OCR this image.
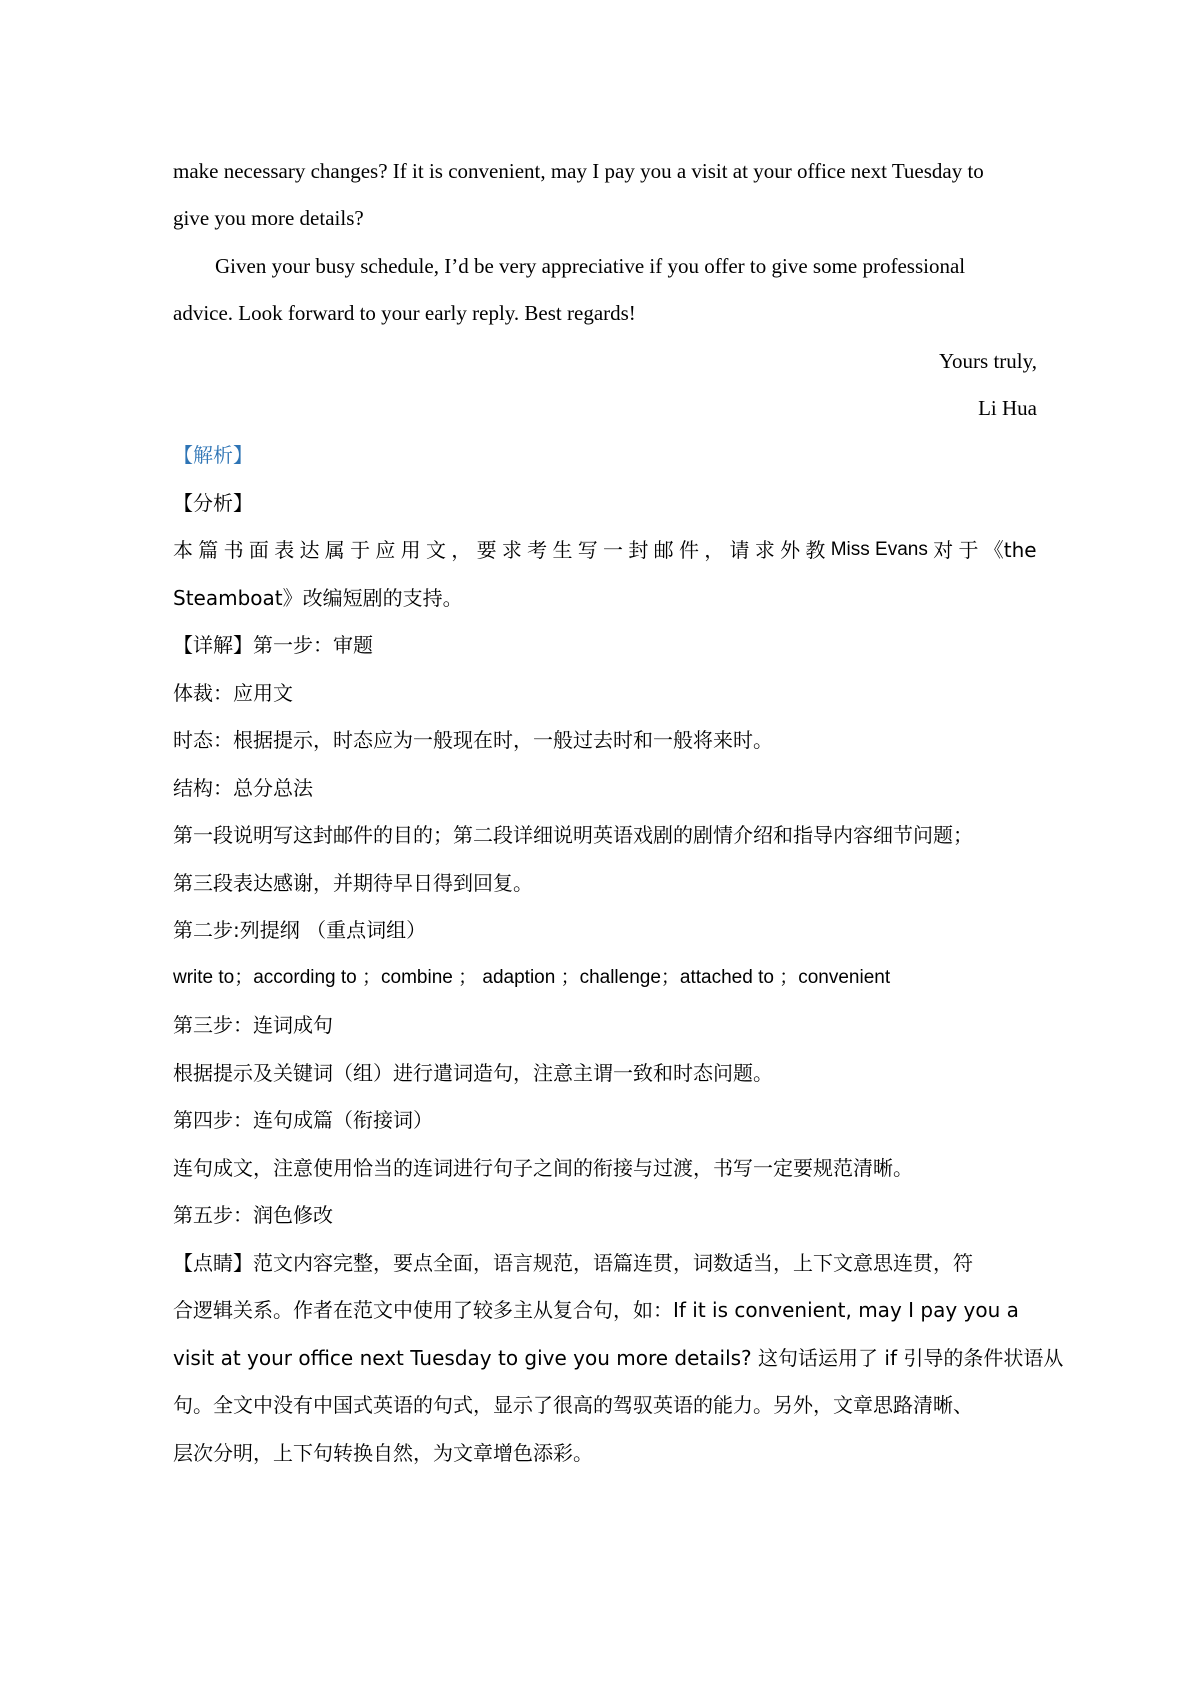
make necessary changes? If it is convenient, may I pay you a visit at your office next Tuesday to
give you more details?
Given your busy schedule, I’d be very appreciative if you offer to give some professional
advice. Look forward to your early reply. Best regards!
Yours truly,
Li Hua
【解析】
【分析】
本 篇 书 面 表 达 属 于 应 用 文 ， 要 求 考 生 写 一 封 邮 件 ， 请 求 外 教 Miss Evans 对 于 《the
Steamboat》改编短剧的支持。
【详解】第一步：审题
体裁：应用文
时态：根据提示，时态应为一般现在时，一般过去时和一般将来时。
结构：总分总法
第一段说明写这封邮件的目的；第二段详细说明英语戏剧的剧情介绍和指导内容细节问题；
第三段表达感谢，并期待早日得到回复。
第二步:列提纲 （重点词组）
write to；according to ；combine ； adaption ；challenge；attached to ；convenient
第三步：连词成句
根据提示及关键词（组）进行遣词造句，注意主谓一致和时态问题。
第四步：连句成篇（衔接词）
连句成文，注意使用恰当的连词进行句子之间的衔接与过渡，书写一定要规范清晰。
第五步：润色修改
【点睛】范文内容完整，要点全面，语言规范，语篇连贯，词数适当，上下文意思连贯，符
合逻辑关系。作者在范文中使用了较多主从复合句，如：If it is convenient, may I pay you a
visit at your office next Tuesday to give you more details? 这句话运用了 if 引导的条件状语从
句。全文中没有中国式英语的句式，显示了很高的驾驭英语的能力。另外，文章思路清晰、
层次分明，上下句转换自然，为文章增色添彩。
